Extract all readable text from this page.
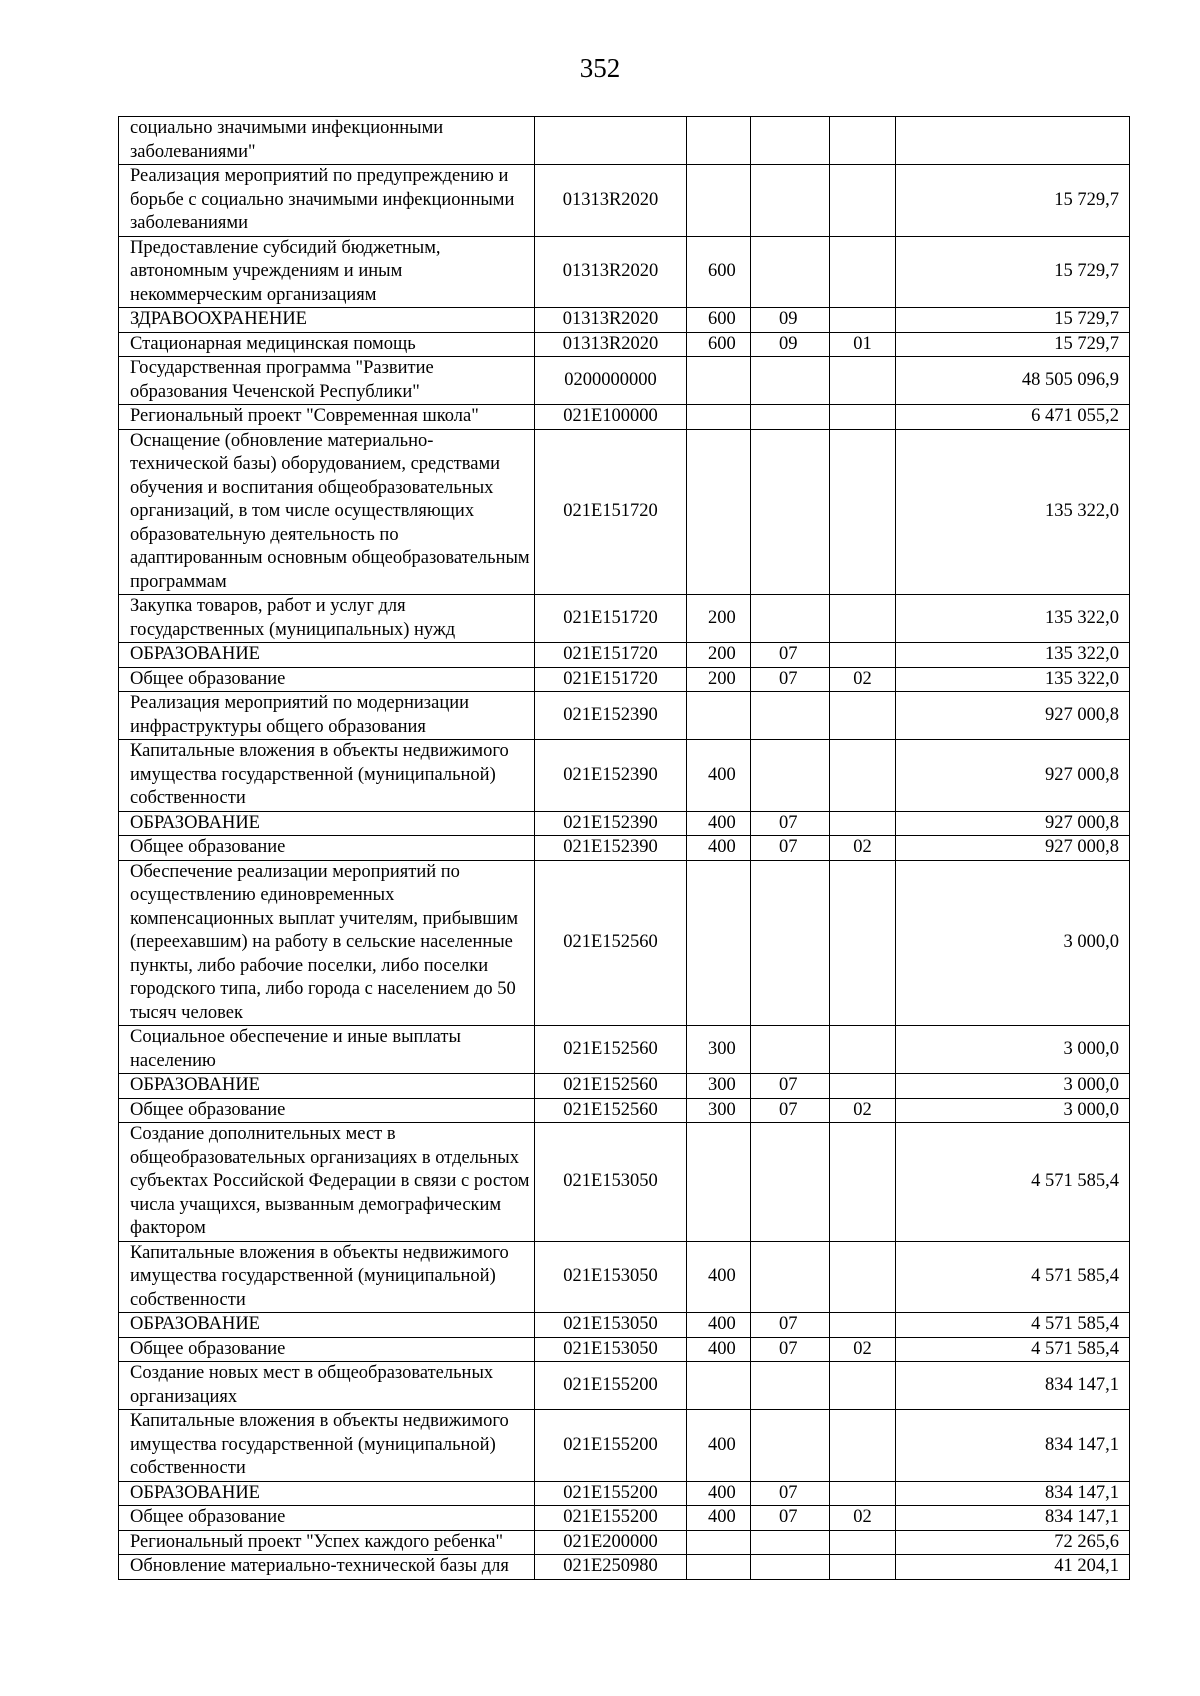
352
социально значимыми инфекционными заболеваниями"					
Реализация мероприятий по предупреждению и борьбе с социально значимыми инфекционными заболеваниями	01313R2020				15 729,7
Предоставление субсидий бюджетным, автономным учреждениям и иным некоммерческим организациям	01313R2020	600			15 729,7
ЗДРАВООХРАНЕНИЕ	01313R2020	600	09		15 729,7
Стационарная медицинская помощь	01313R2020	600	09	01	15 729,7
Государственная программа "Развитие образования Чеченской Республики"	0200000000				48 505 096,9
Региональный проект "Современная школа"	021E100000				6 471 055,2
Оснащение (обновление материально-технической базы) оборудованием, средствами обучения и воспитания общеобразовательных организаций, в том числе осуществляющих образовательную деятельность по адаптированным основным общеобразовательным программам	021E151720				135 322,0
Закупка товаров, работ и услуг для государственных (муниципальных) нужд	021E151720	200			135 322,0
ОБРАЗОВАНИЕ	021E151720	200	07		135 322,0
Общее образование	021E151720	200	07	02	135 322,0
Реализация мероприятий по модернизации инфраструктуры общего образования	021E152390				927 000,8
Капитальные вложения в объекты недвижимого имущества государственной (муниципальной) собственности	021E152390	400			927 000,8
ОБРАЗОВАНИЕ	021E152390	400	07		927 000,8
Общее образование	021E152390	400	07	02	927 000,8
Обеспечение реализации мероприятий по осуществлению единовременных компенсационных выплат учителям, прибывшим (переехавшим) на работу в сельские населенные пункты, либо рабочие поселки, либо поселки городского типа, либо города с населением до 50 тысяч человек	021E152560				3 000,0
Социальное обеспечение и иные выплаты населению	021E152560	300			3 000,0
ОБРАЗОВАНИЕ	021E152560	300	07		3 000,0
Общее образование	021E152560	300	07	02	3 000,0
Создание дополнительных мест в общеобразовательных организациях в отдельных субъектах Российской Федерации в связи с ростом числа учащихся, вызванным демографическим фактором	021E153050				4 571 585,4
Капитальные вложения в объекты недвижимого имущества государственной (муниципальной) собственности	021E153050	400			4 571 585,4
ОБРАЗОВАНИЕ	021E153050	400	07		4 571 585,4
Общее образование	021E153050	400	07	02	4 571 585,4
Создание новых мест в общеобразовательных организациях	021E155200				834 147,1
Капитальные вложения в объекты недвижимого имущества государственной (муниципальной) собственности	021E155200	400			834 147,1
ОБРАЗОВАНИЕ	021E155200	400	07		834 147,1
Общее образование	021E155200	400	07	02	834 147,1
Региональный проект "Успех каждого ребенка"	021E200000				72 265,6
Обновление материально-технической базы для	021E250980				41 204,1
